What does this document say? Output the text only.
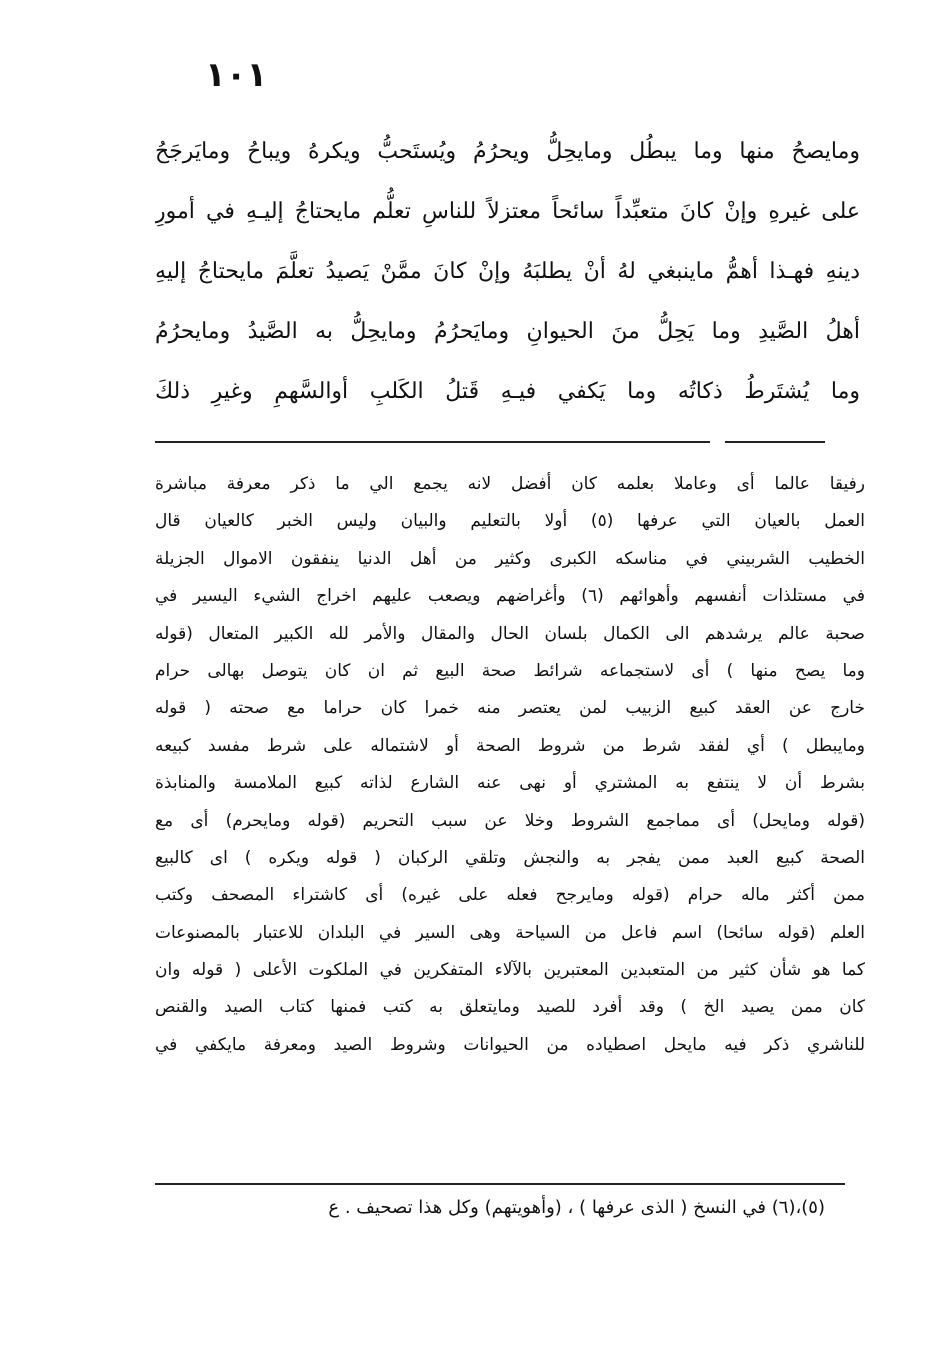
١٠١
ومايصحُ منها وما يبطُل ومايحِلُّ ويحرُمُ ويُستَحبُّ ويكرهُ ويباحُ ومايَرجَحُ
على غيرهِ وإنْ كانَ متعبِّداً سائحاً معتزلاً للناسِ تعلُّم مايحتاجُ إليـهِ في أمورِ
دينهِ فهـذا أهمُّ ماينبغي لهُ أنْ يطلبَهُ وإنْ كانَ ممَّنْ يَصيدُ تعلَّمَ مايحتاجُ إليهِ
أهلُ الصَّيدِ وما يَحِلُّ منَ الحيوانِ ومايَحرُمُ ومايحِلُّ به الصَّيدُ ومايحرُمُ
وما يُشتَرطُ ذكاتُه وما يَكفي فيـهِ قَتلُ الكَلبِ أوالسَّهمِ وغيرِ ذلكَ
رفيقا عالما أى وعاملا بعلمه كان أفضل لانه يجمع الي ما ذكر معرفة مباشرة
العمل بالعيان التي عرفها (٥) أولا بالتعليم والبيان وليس الخبر كالعيان قال
الخطيب الشربيني في مناسكه الكبرى وكثير من أهل الدنيا ينفقون الاموال الجزيلة
في مستلذات أنفسهم وأهوائهم (٦) وأغراضهم ويصعب عليهم اخراج الشيء اليسير في
صحبة عالم يرشدهم الى الكمال بلسان الحال والمقال والأمر لله الكبير المتعال (قوله
وما يصح منها ) أى لاستجماعه شرائط صحة البيع ثم ان كان يتوصل بهالى حرام
خارج عن العقد كبيع الزبيب لمن يعتصر منه خمرا كان حراما مع صحته ( قوله
ومايبطل ) أي لفقد شرط من شروط الصحة أو لاشتماله على شرط مفسد كبيعه
بشرط أن لا ينتفع به المشتري أو نهى عنه الشارع لذاته كبيع الملامسة والمنابذة
(قوله ومايحل) أى مماجمع الشروط وخلا عن سبب التحريم (قوله ومايحرم) أى مع
الصحة كبيع العبد ممن يفجر به والنجش وتلقي الركبان ( قوله ويكره ) اى كالبيع
ممن أكثر ماله حرام (قوله ومايرجح فعله على غيره) أى كاشتراء المصحف وكتب
العلم (قوله سائحا) اسم فاعل من السياحة وهى السير في البلدان للاعتبار بالمصنوعات
كما هو شأن كثير من المتعبدين المعتبرين بالآلاء المتفكرين في الملكوت الأعلى ( قوله وان
كان ممن يصيد الخ ) وقد أفرد للصيد ومايتعلق به كتب فمنها كتاب الصيد والقنص
للناشري ذكر فيه مايحل اصطياده من الحيوانات وشروط الصيد ومعرفة مايكفي في
(٥)،(٦) في النسخ ( الذى عرفها ) ، (وأهويتهم) وكل هذا تصحيف . ع
